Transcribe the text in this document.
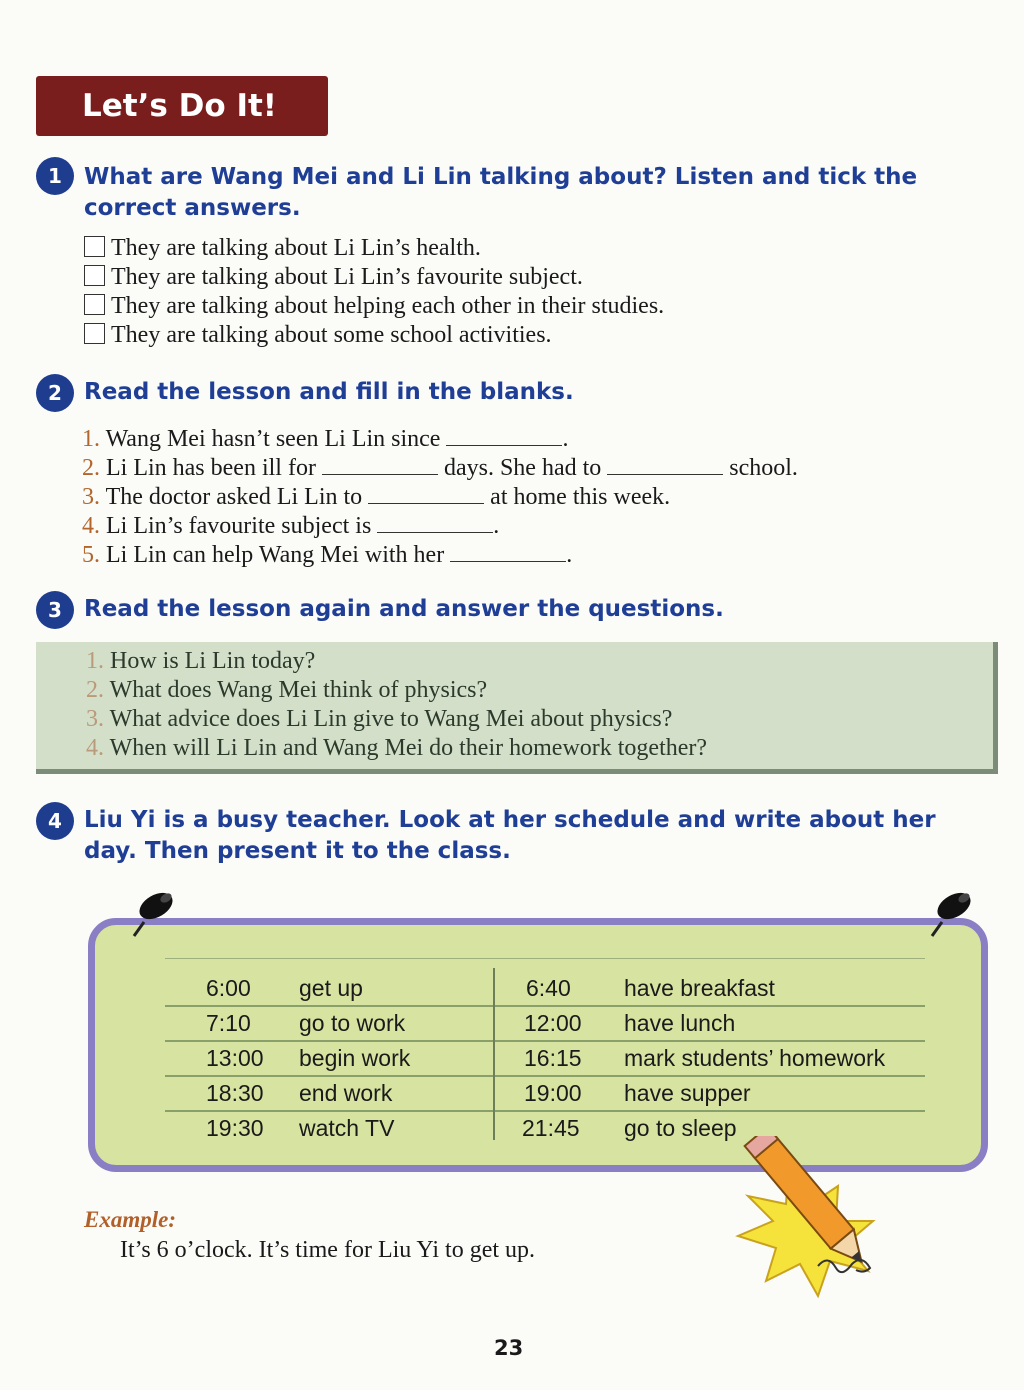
Let’s Do It!
1 What are Wang Mei and Li Lin talking about? Listen and tick the
correct answers.
They are talking about Li Lin’s health.
They are talking about Li Lin’s favourite subject.
They are talking about helping each other in their studies.
They are talking about some school activities.
2 Read the lesson and fill in the blanks.
1. Wang Mei hasn’t seen Li Lin since	.
2. Li Lin has been ill for	days. She had to	school.
3. The doctor asked Li Lin to	at home this week.
4. Li Lin’s favourite subject is	.
5. Li Lin can help Wang Mei with her	.
3 Read the lesson again and answer the questions.
1. How is Li Lin today?
2. What does Wang Mei think of physics?
3. What advice does Li Lin give to Wang Mei about physics?
4. When will Li Lin and Wang Mei do their homework together?
4 Liu Yi is a busy teacher. Look at her schedule and write about her
day. Then present it to the class.
6:00 get up	6:40 have breakfast
7:10 go to work	12:00 have lunch
13:00 begin work	16:15 mark students’ homework
18:30 end work	19:00 have supper
19:30 watch TV	21:45 go to sleep
Example:
It’s 6 o’clock. It’s time for Liu Yi to get up.
23
